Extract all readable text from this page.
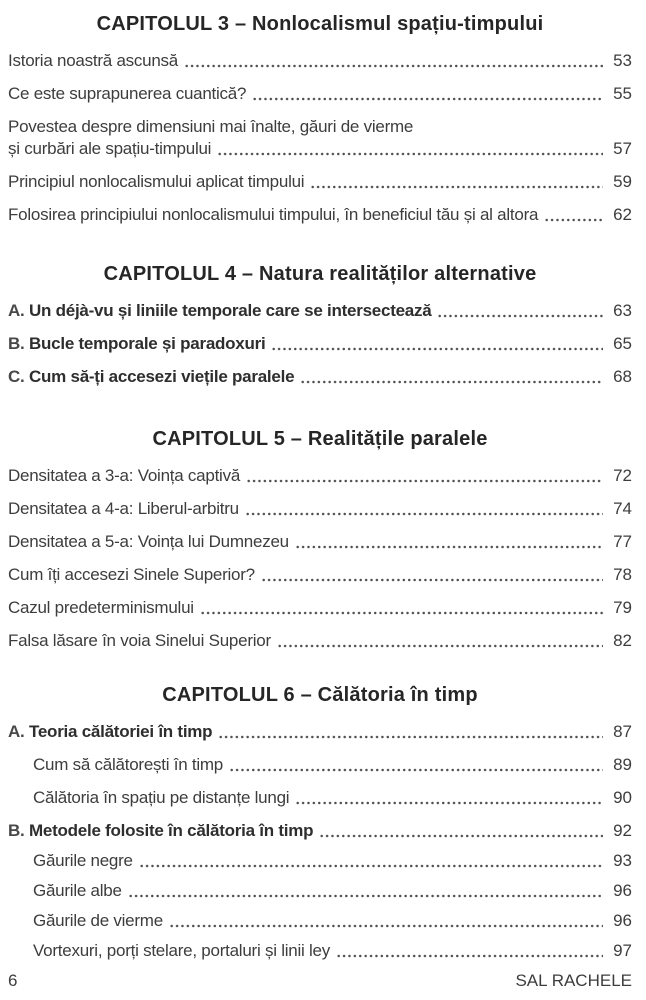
CAPITOLUL 3 – Nonlocalismul spațiu-timpului
Istoria noastră ascunsă	53
Ce este suprapunerea cuantică?	55
Povestea despre dimensiuni mai înalte, găuri de vierme
și curbări ale spațiu-timpului	57
Principiul nonlocalismului aplicat timpului	59
Folosirea principiului nonlocalismului timpului, în beneficiul tău și al altora	62
CAPITOLUL 4 – Natura realităților alternative
A. Un déjà-vu și liniile temporale care se intersectează	63
B. Bucle temporale și paradoxuri	65
C. Cum să-ți accesezi viețile paralele	68
CAPITOLUL 5 – Realitățile paralele
Densitatea a 3-a: Voința captivă	72
Densitatea a 4-a: Liberul-arbitru	74
Densitatea a 5-a: Voința lui Dumnezeu	77
Cum îți accesezi Sinele Superior?	78
Cazul predeterminismului	79
Falsa lăsare în voia Sinelui Superior	82
CAPITOLUL 6 – Călătoria în timp
A. Teoria călătoriei în timp	87
Cum să călătorești în timp	89
Călătoria în spațiu pe distanțe lungi	90
B. Metodele folosite în călătoria în timp	92
Găurile negre	93
Găurile albe	96
Găurile de vierme	96
Vortexuri, porți stelare, portaluri și linii ley	97
6	SAL RACHELE
